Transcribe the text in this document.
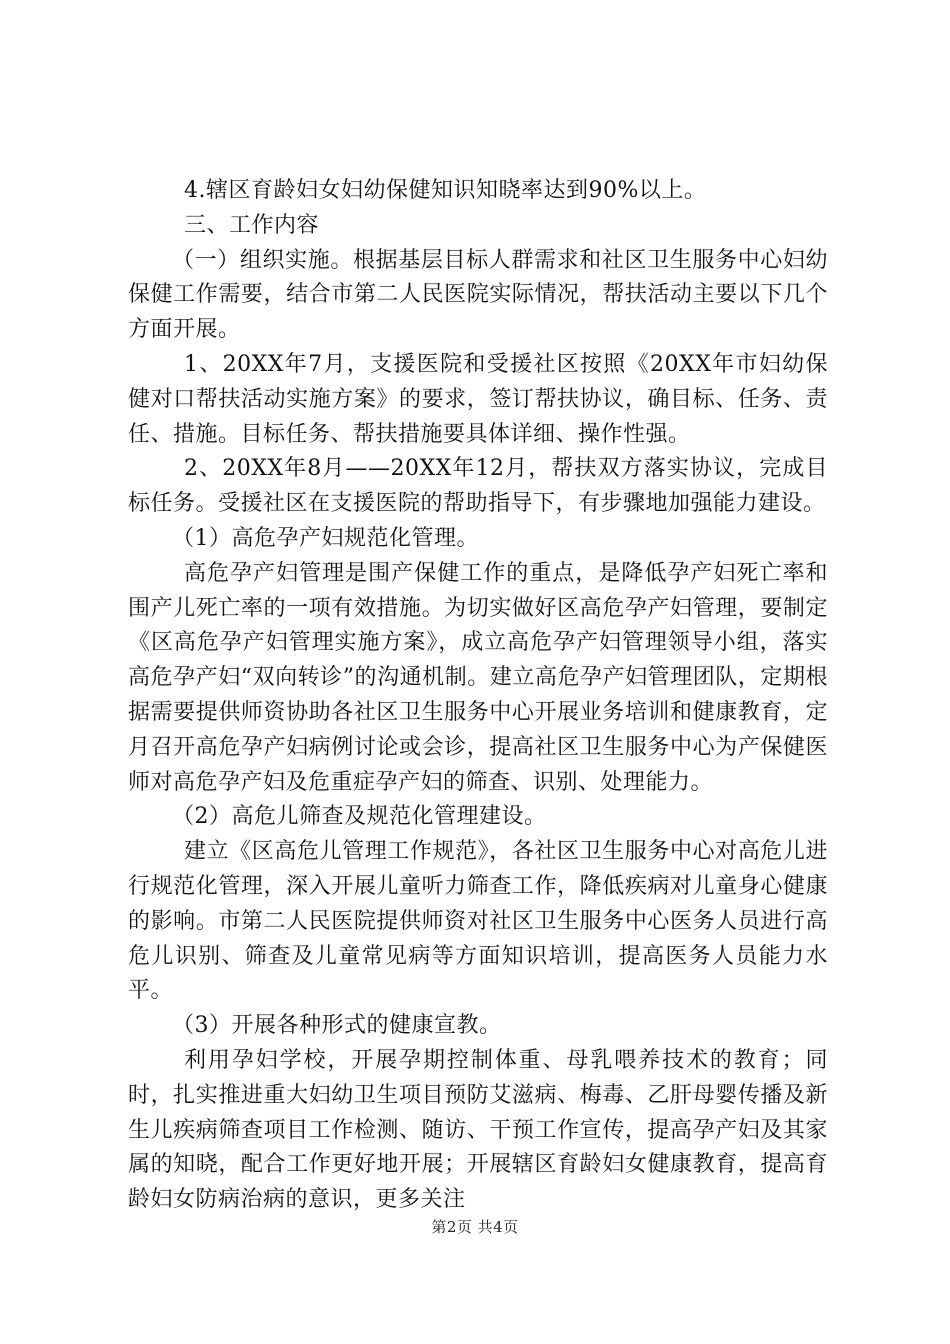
4.辖区育龄妇女妇幼保健知识知晓率达到90%以上。

三、工作内容

（一）组织实施。根据基层目标人群需求和社区卫生服务中心妇幼保健工作需要，结合市第二人民医院实际情况，帮扶活动主要以下几个方面开展。

1、20XX年7月，支援医院和受援社区按照《20XX年市妇幼保健对口帮扶活动实施方案》的要求，签订帮扶协议，确目标、任务、责任、措施。目标任务、帮扶措施要具体详细、操作性强。

2、20XX年8月——20XX年12月，帮扶双方落实协议，完成目标任务。受援社区在支援医院的帮助指导下，有步骤地加强能力建设。

（1）高危孕产妇规范化管理。

高危孕产妇管理是围产保健工作的重点，是降低孕产妇死亡率和围产儿死亡率的一项有效措施。为切实做好区高危孕产妇管理，要制定《区高危孕产妇管理实施方案》，成立高危孕产妇管理领导小组，落实高危孕产妇“双向转诊”的沟通机制。建立高危孕产妇管理团队，定期根据需要提供师资协助各社区卫生服务中心开展业务培训和健康教育，定月召开高危孕产妇病例讨论或会诊，提高社区卫生服务中心为产保健医师对高危孕产妇及危重症孕产妇的筛查、识别、处理能力。

（2）高危儿筛查及规范化管理建设。

建立《区高危儿管理工作规范》，各社区卫生服务中心对高危儿进行规范化管理，深入开展儿童听力筛查工作，降低疾病对儿童身心健康的影响。市第二人民医院提供师资对社区卫生服务中心医务人员进行高危儿识别、筛查及儿童常见病等方面知识培训，提高医务人员能力水平。

（3）开展各种形式的健康宣教。

利用孕妇学校，开展孕期控制体重、母乳喂养技术的教育；同时，扎实推进重大妇幼卫生项目预防艾滋病、梅毒、乙肝母婴传播及新生儿疾病筛查项目工作检测、随访、干预工作宣传，提高孕产妇及其家属的知晓，配合工作更好地开展；开展辖区育龄妇女健康教育，提高育龄妇女防病治病的意识，更多关注

第2页 共4页
